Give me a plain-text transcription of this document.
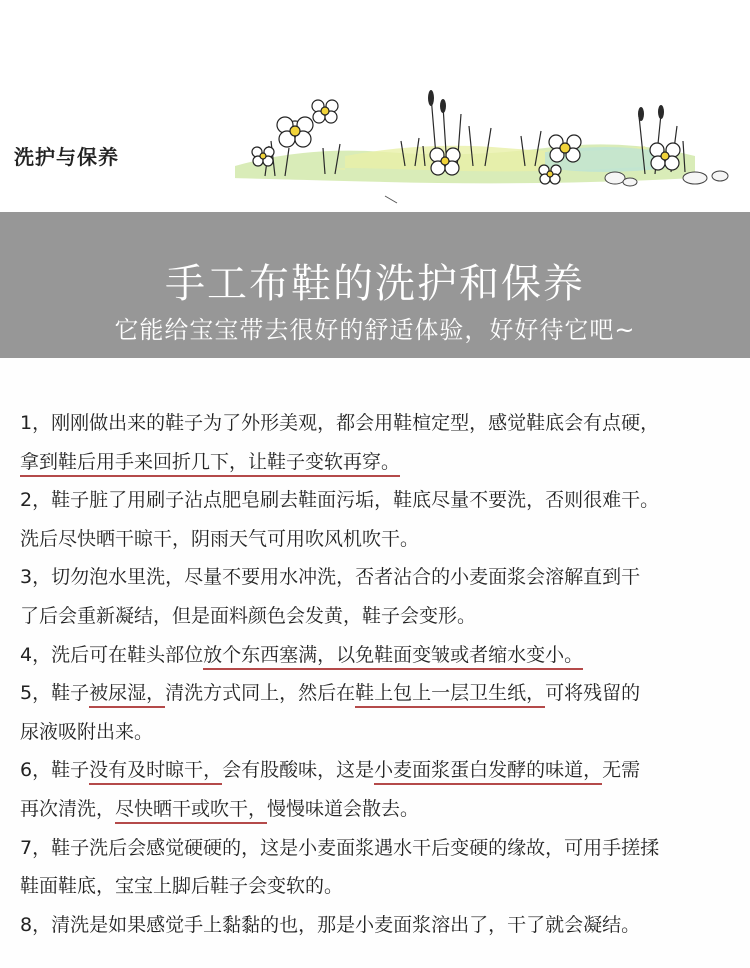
洗护与保养
手工布鞋的洗护和保养
它能给宝宝带去很好的舒适体验，好好待它吧~
1，刚刚做出来的鞋子为了外形美观，都会用鞋楦定型，感觉鞋底会有点硬，
拿到鞋后用手来回折几下，让鞋子变软再穿。
2，鞋子脏了用刷子沾点肥皂刷去鞋面污垢，鞋底尽量不要洗，否则很难干。
洗后尽快晒干晾干，阴雨天气可用吹风机吹干。
3，切勿泡水里洗，尽量不要用水冲洗，否者沾合的小麦面浆会溶解直到干
了后会重新凝结，但是面料颜色会发黄，鞋子会变形。
4，洗后可在鞋头部位放个东西塞满，以免鞋面变皱或者缩水变小。
5，鞋子被尿湿，清洗方式同上，然后在鞋上包上一层卫生纸，可将残留的
尿液吸附出来。
6，鞋子没有及时晾干，会有股酸味，这是小麦面浆蛋白发酵的味道，无需
再次清洗，尽快晒干或吹干，慢慢味道会散去。
7，鞋子洗后会感觉硬硬的，这是小麦面浆遇水干后变硬的缘故，可用手搓揉
鞋面鞋底，宝宝上脚后鞋子会变软的。
8，清洗是如果感觉手上黏黏的也，那是小麦面浆溶出了，干了就会凝结。
